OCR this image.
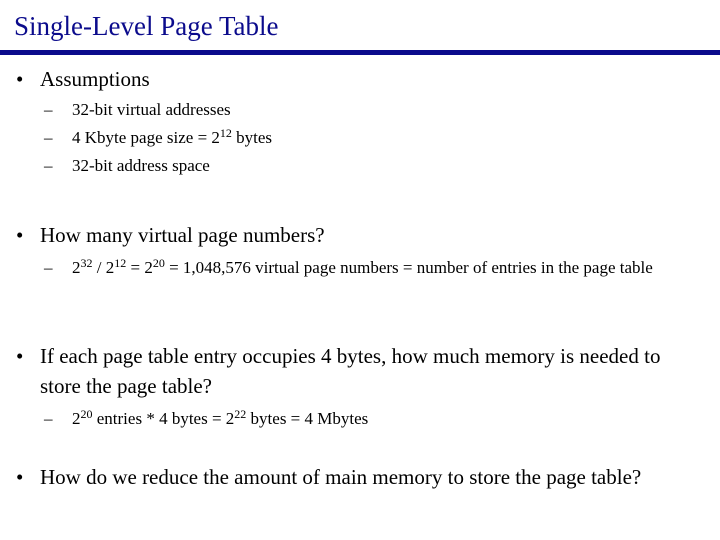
Single-Level Page Table
• Assumptions
– 32-bit virtual addresses
– 4 Kbyte page size = $2^{12}$ bytes
– 32-bit address space
• How many virtual page numbers?
– $2^{32} / 2^{12} = 2^{20} = 1,048,576$ virtual page numbers = number of entries in the page table
• If each page table entry occupies 4 bytes, how much memory is needed to store the page table?
– $2^{20}$ entries * 4 bytes = $2^{22}$ bytes = 4 Mbytes
• How do we reduce the amount of main memory to store the page table?
